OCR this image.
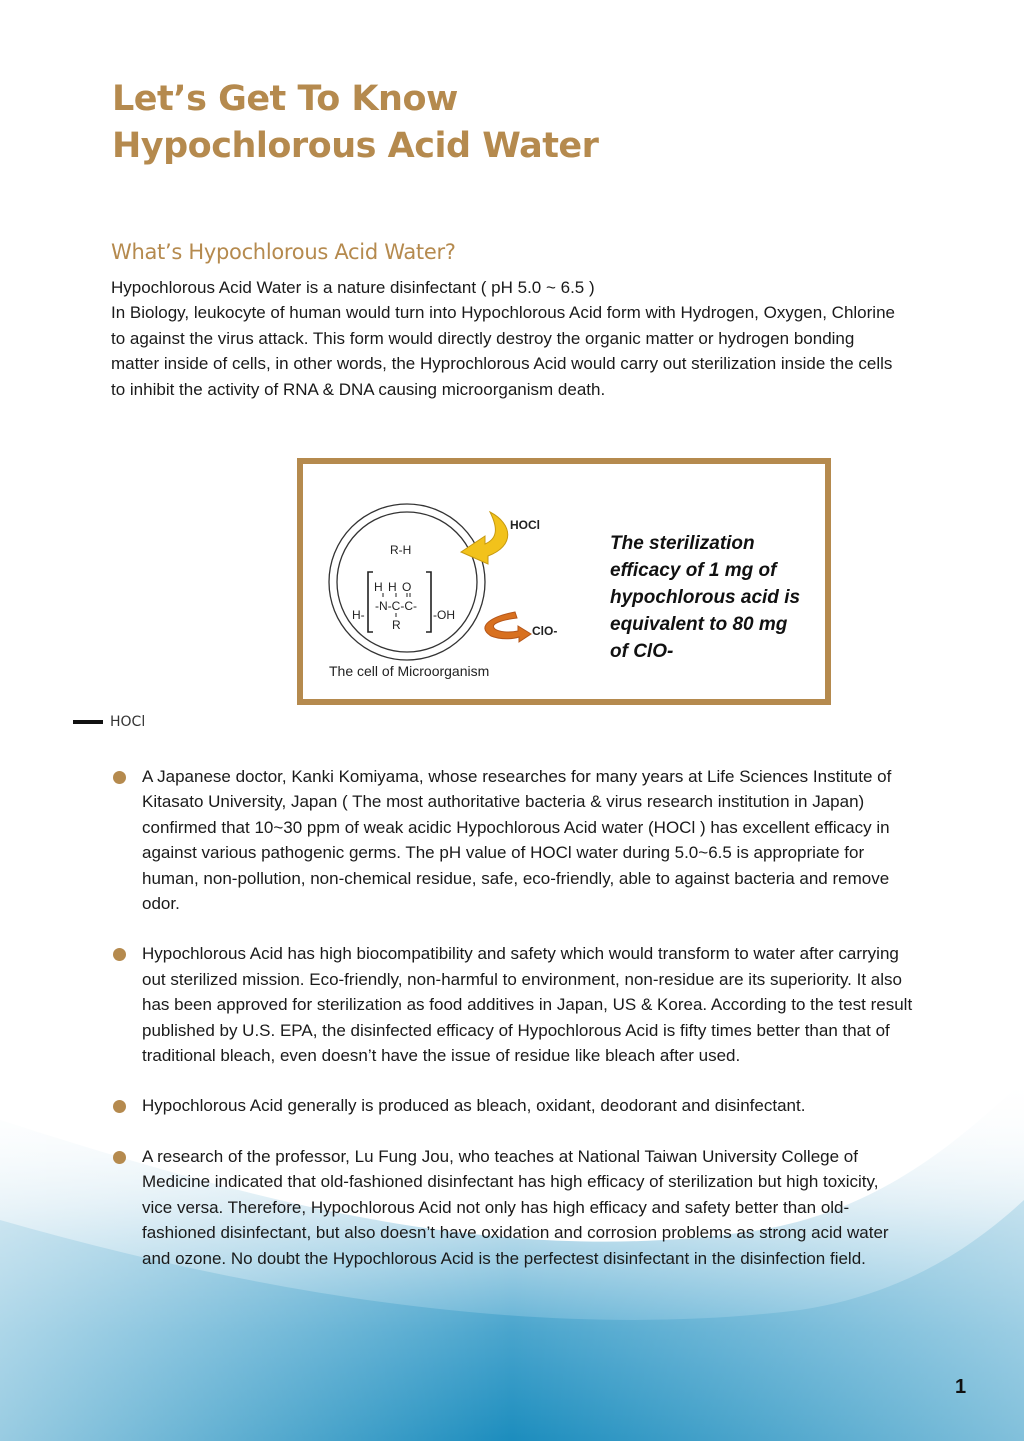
Let’s Get To Know
Hypochlorous Acid Water
What’s Hypochlorous Acid Water?

Hypochlorous Acid Water is a nature disinfectant ( pH 5.0 ~ 6.5 )

In Biology, leukocyte of human would turn into Hypochlorous Acid form with Hydrogen, Oxygen, Chlorine to against the virus attack. This form would directly destroy the organic matter or hydrogen bonding matter inside of cells, in other words, the Hyprochlorous Acid would carry out sterilization inside the cells to inhibit the activity of RNA & DNA causing microorganism death.

R-H
H H O
-N-C-C-
H-	-OH
R
HOCl
ClO-

The sterilization efficacy of 1 mg of hypochlorous acid is equivalent to 80 mg of ClO-

The cell of Microorganism

HOCl
A Japanese doctor, Kanki Komiyama, whose researches for many years at Life Sciences Institute of Kitasato University, Japan ( The most authoritative bacteria & virus research institution in Japan) confirmed that 10~30 ppm of weak acidic Hypochlorous Acid water (HOCl ) has excellent efficacy in against various pathogenic germs. The pH value of HOCl water during 5.0~6.5 is appropriate for human, non-pollution, non-chemical residue, safe, eco-friendly, able to against bacteria and remove odor.
Hypochlorous Acid has high biocompatibility and safety which would transform to water after carrying out sterilized mission. Eco-friendly, non-harmful to environment, non-residue are its superiority. It also has been approved for sterilization as food additives in Japan, US & Korea. According to the test result published by U.S. EPA, the disinfected efficacy of Hypochlorous Acid is fifty times better than that of traditional bleach, even doesn’t have the issue of residue like bleach after used.
Hypochlorous Acid generally is produced as bleach, oxidant, deodorant and disinfectant.
A research of the professor, Lu Fung Jou, who teaches at National Taiwan University College of Medicine indicated that old-fashioned disinfectant has high efficacy of sterilization but high toxicity, vice versa. Therefore, Hypochlorous Acid not only has high efficacy and safety better than old-fashioned disinfectant, but also doesn’t have oxidation and corrosion problems as strong acid water and ozone. No doubt the Hypochlorous Acid is the perfectest disinfectant in the disinfection field.

1
